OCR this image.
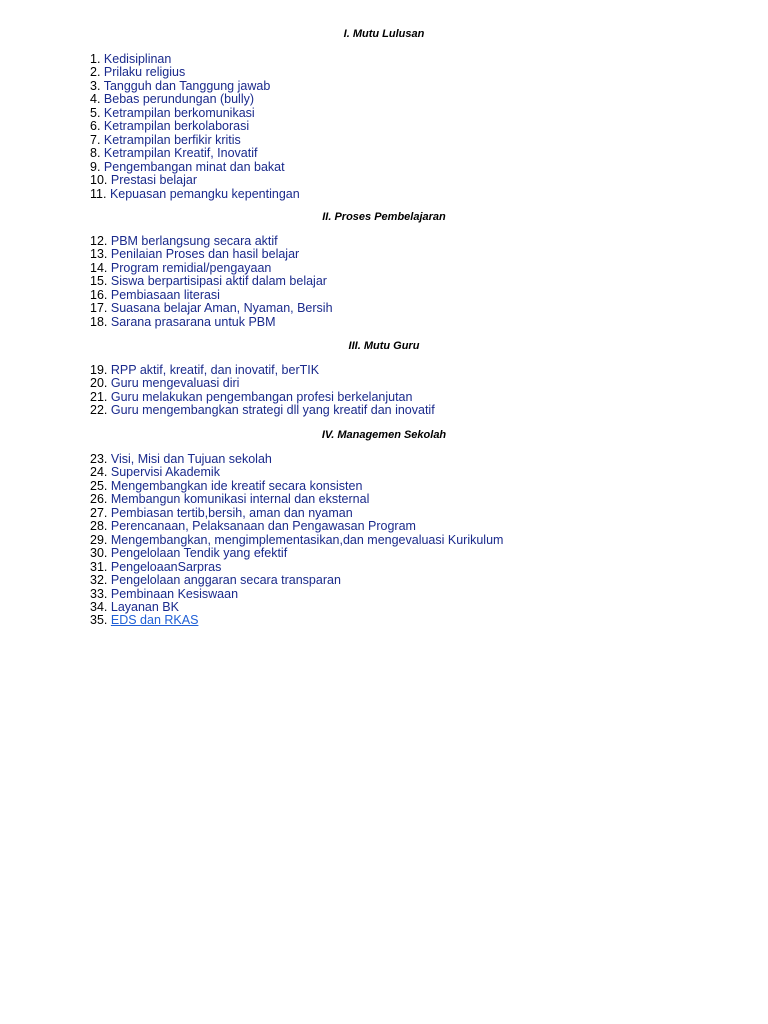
I. Mutu Lulusan
1. Kedisiplinan
2. Prilaku religius
3. Tangguh dan Tanggung jawab
4. Bebas perundungan (bully)
5. Ketrampilan berkomunikasi
6. Ketrampilan berkolaborasi
7. Ketrampilan berfikir kritis
8. Ketrampilan Kreatif, Inovatif
9. Pengembangan minat dan bakat
10. Prestasi belajar
11. Kepuasan pemangku kepentingan
II. Proses Pembelajaran
12. PBM berlangsung secara aktif
13. Penilaian Proses dan hasil belajar
14. Program remidial/pengayaan
15. Siswa berpartisipasi aktif dalam belajar
16. Pembiasaan literasi
17. Suasana belajar Aman, Nyaman, Bersih
18. Sarana prasarana untuk PBM
III. Mutu Guru
19. RPP aktif, kreatif, dan inovatif, berTIK
20. Guru mengevaluasi diri
21. Guru melakukan pengembangan profesi berkelanjutan
22. Guru mengembangkan strategi dll yang kreatif dan inovatif
IV. Managemen Sekolah
23. Visi, Misi dan Tujuan sekolah
24. Supervisi Akademik
25. Mengembangkan ide kreatif secara konsisten
26. Membangun komunikasi internal dan eksternal
27. Pembiasan tertib,bersih, aman dan nyaman
28. Perencanaan, Pelaksanaan dan Pengawasan Program
29. Mengembangkan, mengimplementasikan,dan mengevaluasi Kurikulum
30. Pengelolaan Tendik yang efektif
31. PengeloaanSarpras
32. Pengelolaan anggaran secara transparan
33. Pembinaan Kesiswaan
34. Layanan BK
35. EDS dan RKAS
